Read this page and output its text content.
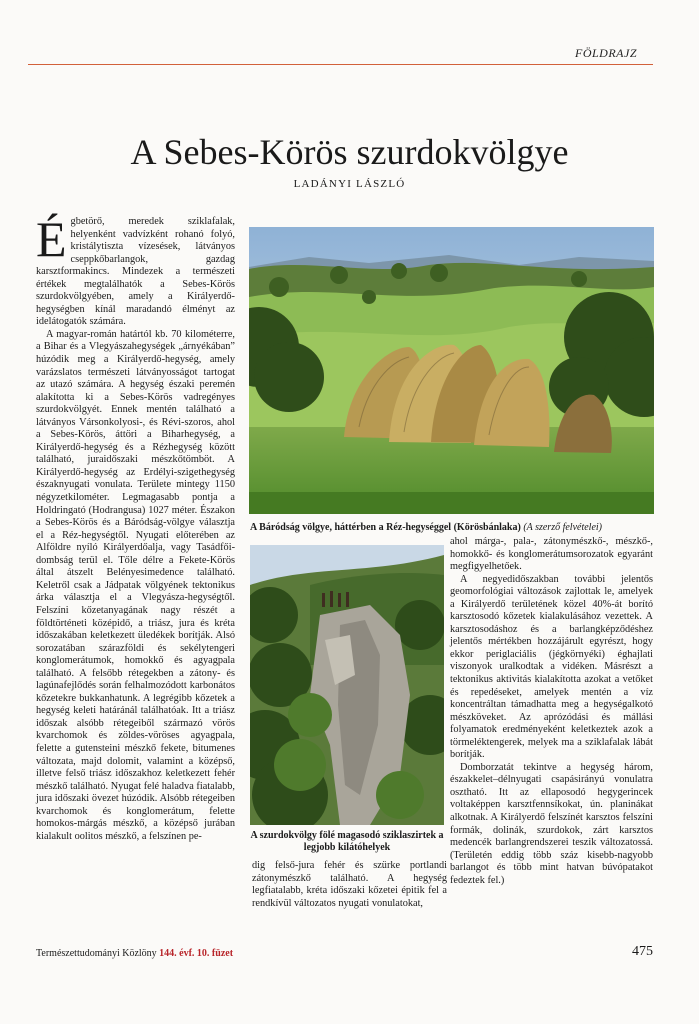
FÖLDRAJZ
A Sebes-Körös szurdokvölgye
LADÁNYI LÁSZLÓ

Égbetörő, meredek sziklafalak, helyenként vadvízként rohanó folyó, kristálytiszta vízesések, látványos cseppkőbarlangok, gazdag karsztformakincs. Mindezek a természeti értékek megtalálhatók a Sebes-Körös szurdokvölgyében, amely a Királyerdő-hegységben kínál maradandó élményt az idelátogatók számára.

A magyar-román határtól kb. 70 kilométerre, a Bihar és a Vlegyászahegységek „árnyékában” húzódik meg a Királyerdő-hegység, amely varázslatos természeti látványosságot tartogat az utazó számára. A hegység északi peremén alakította ki a Sebes-Körös vadregényes szurdokvölgyét. Ennek mentén található a látványos Vársonkolyosi-, és Révi-szoros, ahol a Sebes-Körös, áttöri a Biharhegység, a Királyerdő-hegység és a Rézhegység között található, juraidőszaki mészkőtömböt. A Királyerdő-hegység az Erdélyi-szigethegység északnyugati vonulata. Területe mintegy 1150 négyzetkilométer. Legmagasabb pontja a Holdringató (Hodrangusa) 1027 méter. Északon a Sebes-Körös és a Báródság-völgye választja el a Réz-hegységtől. Nyugati előterében az Alföldre nyíló Királyerdőalja, vagy Tasádfői-dombság terül el. Tőle délre a Fekete-Körös által átszelt Belényesimedence található. Keletről csak a Jádpatak völgyének tektonikus árka választja el a Vlegyásza-hegységtől. Felszíni kőzetanyagának nagy részét a földtörténeti középidő, a triász, jura és kréta időszakában keletkezett üledékek borítják. Alsó sorozatában szárazföldi és sekélytengeri konglomerátumok, homokkő és agyagpala található. A felsőbb rétegekben a zátony- és lagúnafejlődés során felhalmozódott karbonátos kőzetekre bukkanhatunk. A legrégibb kőzetek a hegység keleti határánál találhatóak. Itt a triász időszak alsóbb rétegeiből származó vörös kvarchomok és zöldes-vöröses agyagpala, felette a gutensteini mészkő fekete, bitumenes változata, majd dolomit, valamint a középső, illetve felső triász időszakhoz keletkezett fehér mészkő található. Nyugat felé haladva fiatalabb, jura időszaki övezet húzódik. Alsóbb rétegeiben kvarchomok és konglomerátum, felette homokos-márgás mészkő, a középső jurában kialakult oolitos mészkő, a felszínen pe-

A Báródság völgye, háttérben a Réz-hegységgel (Körösbánlaka) (A szerző felvételei)
A szurdokvölgy fölé magasodó sziklaszirtek a legjobb kilátóhelyek

dig felső-jura fehér és szürke portlandi zátonymészkő található. A hegység legfiatalabb, kréta időszaki kőzetei épitik fel a rendkívül változatos nyugati vonulatokat,

ahol márga-, pala-, zátonymészkő-, mészkő-, homokkő- és konglomerátumsorozatok egyaránt megfigyelhetőek.

A negyedidőszakban további jelentős geomorfológiai változások zajlottak le, amelyek a Királyerdő területének közel 40%-át borító karsztosodó kőzetek kialakulásához vezettek. A karsztosodáshoz és a barlangképződéshez jelentős mértékben hozzájárult egyrészt, hogy ekkor periglaciális (jégkörnyéki) éghajlati viszonyok uralkodtak a vidéken. Másrészt a tektonikus aktivitás kialakította azokat a vetőket és repedéseket, amelyek mentén a víz koncentráltan támadhatta meg a hegységalkotó mészköveket. Az aprózódási és mállási folyamatok eredményeként keletkeztek azok a törmeléktengerek, melyek ma a sziklafalak lábát borítják.

Domborzatát tekintve a hegység három, északkelet–délnyugati csapásirányú vonulatra osztható. Itt az ellaposodó hegygerincek voltaképpen karsztfennsíkokat, ún. planinákat alkotnak. A Királyerdő felszínét karsztos felszíni formák, dolinák, szurdokok, zárt karsztos medencék barlangrendszerei teszik változatossá. (Területén eddig több száz kisebb-nagyobb barlangot és több mint hatvan búvópatakot fedeztek fel.)

Természettudományi Közlöny 144. évf. 10. füzet	475
